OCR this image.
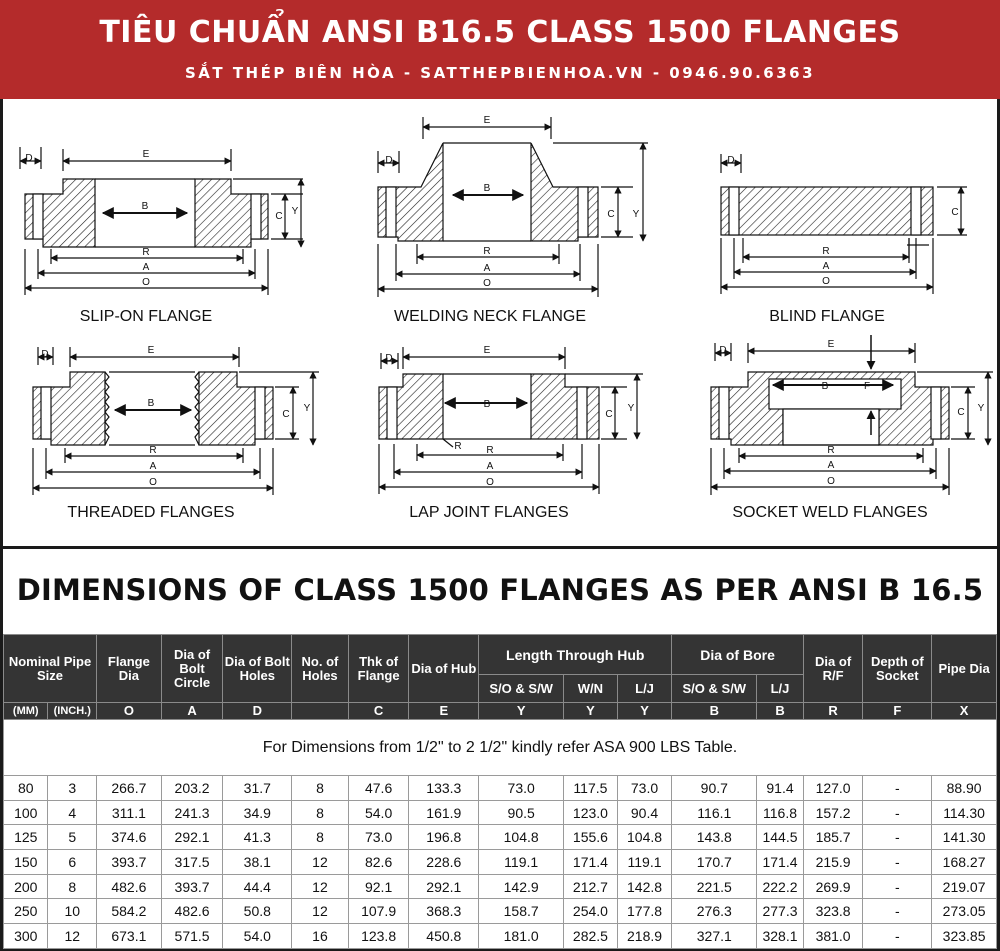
TIÊU CHUẨN ANSI B16.5 CLASS 1500 FLANGES
SẮT THÉP BIÊN HÒA - SATTHEPBIENHOA.VN - 0946.90.6363
D	E
B
C Y
R
A
O
SLIP-ON FLANGE
D
E
B
C Y
R
A
O
WELDING NECK FLANGE
D
C
R
A
O
BLIND FLANGE
D	E
B
C
Y
R
A
O
THREADED FLANGES
D
E
B
R
C
Y
R
A
O
LAP JOINT FLANGES
D
E
B	F
C Y
R
A
O
SOCKET WELD FLANGES
DIMENSIONS OF CLASS 1500 FLANGES AS PER ANSI B 16.5
Nominal Pipe Size		Flange Dia	Dia of Bolt Circle	Dia of Bolt Holes	No. of Holes	Thk of Flange	Dia of Hub	Length Through Hub			Dia of Bore		Dia of R/F	Depth of Socket	Pipe Dia
								S/O & S/W	W/N	L/J	S/O & S/W	L/J			
(MM)	(INCH.)	O	A	D		C	E	Y	Y	Y	B	B	R	F	X
For Dimensions from 1/2" to 2 1/2" kindly refer ASA 900 LBS Table.															
80	3	266.7	203.2	31.7	8	47.6	133.3	73.0	117.5	73.0	90.7	91.4	127.0	-	88.90
100	4	311.1	241.3	34.9	8	54.0	161.9	90.5	123.0	90.4	116.1	116.8	157.2	-	114.30
125	5	374.6	292.1	41.3	8	73.0	196.8	104.8	155.6	104.8	143.8	144.5	185.7	-	141.30
150	6	393.7	317.5	38.1	12	82.6	228.6	119.1	171.4	119.1	170.7	171.4	215.9	-	168.27
200	8	482.6	393.7	44.4	12	92.1	292.1	142.9	212.7	142.8	221.5	222.2	269.9	-	219.07
250	10	584.2	482.6	50.8	12	107.9	368.3	158.7	254.0	177.8	276.3	277.3	323.8	-	273.05
300	12	673.1	571.5	54.0	16	123.8	450.8	181.0	282.5	218.9	327.1	328.1	381.0	-	323.85
